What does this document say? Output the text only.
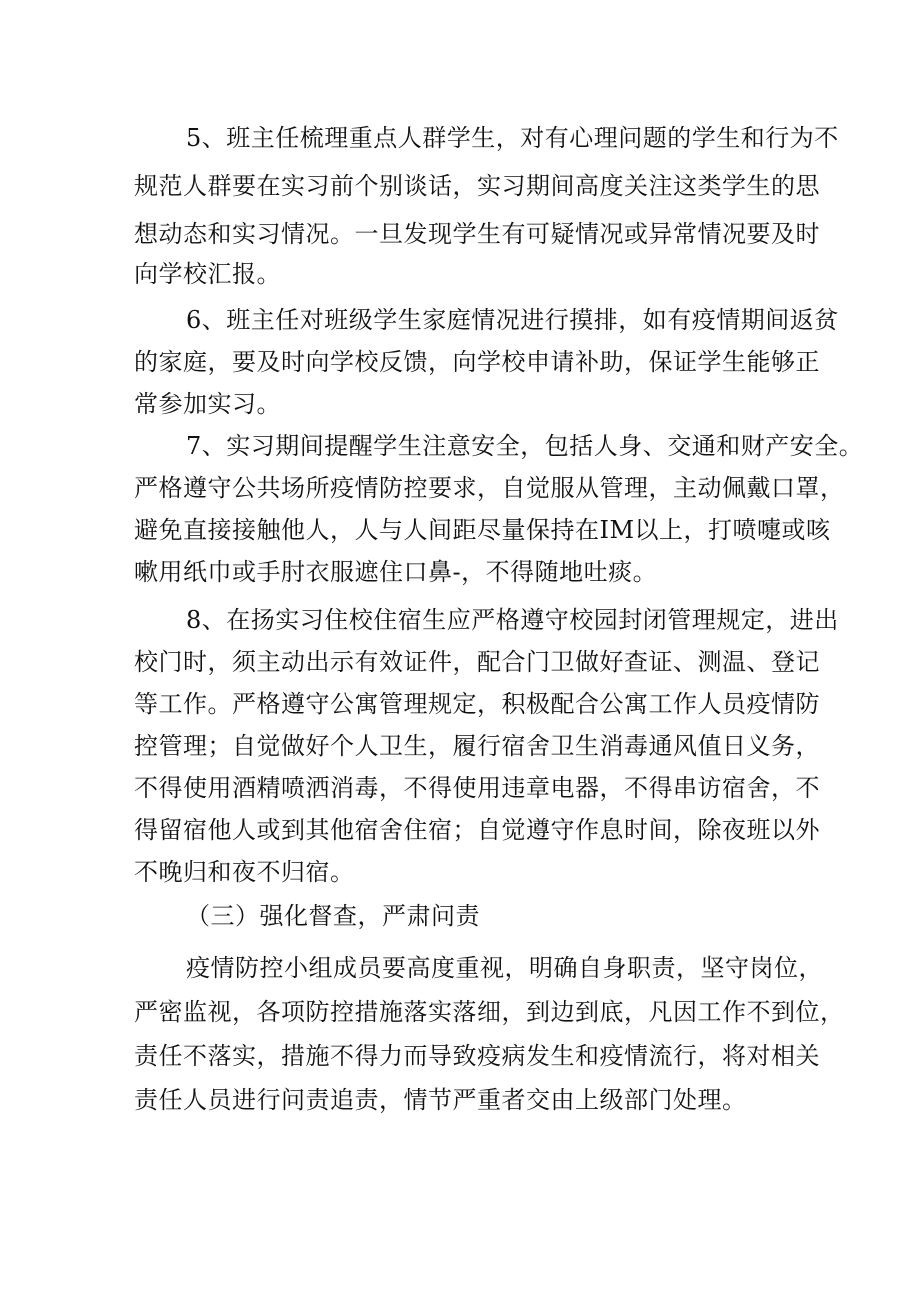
5、班主任梳理重点人群学生，对有心理问题的学生和行为不
规范人群要在实习前个别谈话，实习期间高度关注这类学生的思
想动态和实习情况。一旦发现学生有可疑情况或异常情况要及时
向学校汇报。
6、班主任对班级学生家庭情况进行摸排，如有疫情期间返贫
的家庭，要及时向学校反馈，向学校申请补助，保证学生能够正
常参加实习。
7、实习期间提醒学生注意安全，包括人身、交通和财产安全。
严格遵守公共场所疫情防控要求，自觉服从管理，主动佩戴口罩，
避免直接接触他人，人与人间距尽量保持在IM以上，打喷嚏或咳
嗽用纸巾或手肘衣服遮住口鼻-，不得随地吐痰。
8、在扬实习住校住宿生应严格遵守校园封闭管理规定，进出
校门时，须主动出示有效证件，配合门卫做好查证、测温、登记
等工作。严格遵守公寓管理规定，积极配合公寓工作人员疫情防
控管理；自觉做好个人卫生，履行宿舍卫生消毒通风值日义务，
不得使用酒精喷洒消毒，不得使用违章电器，不得串访宿舍，不
得留宿他人或到其他宿舍住宿；自觉遵守作息时间，除夜班以外
不晚归和夜不归宿。
（三）强化督查，严肃问责
疫情防控小组成员要高度重视，明确自身职责，坚守岗位，
严密监视，各项防控措施落实落细，到边到底，凡因工作不到位，
责任不落实，措施不得力而导致疫病发生和疫情流行，将对相关
责任人员进行问责追责，情节严重者交由上级部门处理。
